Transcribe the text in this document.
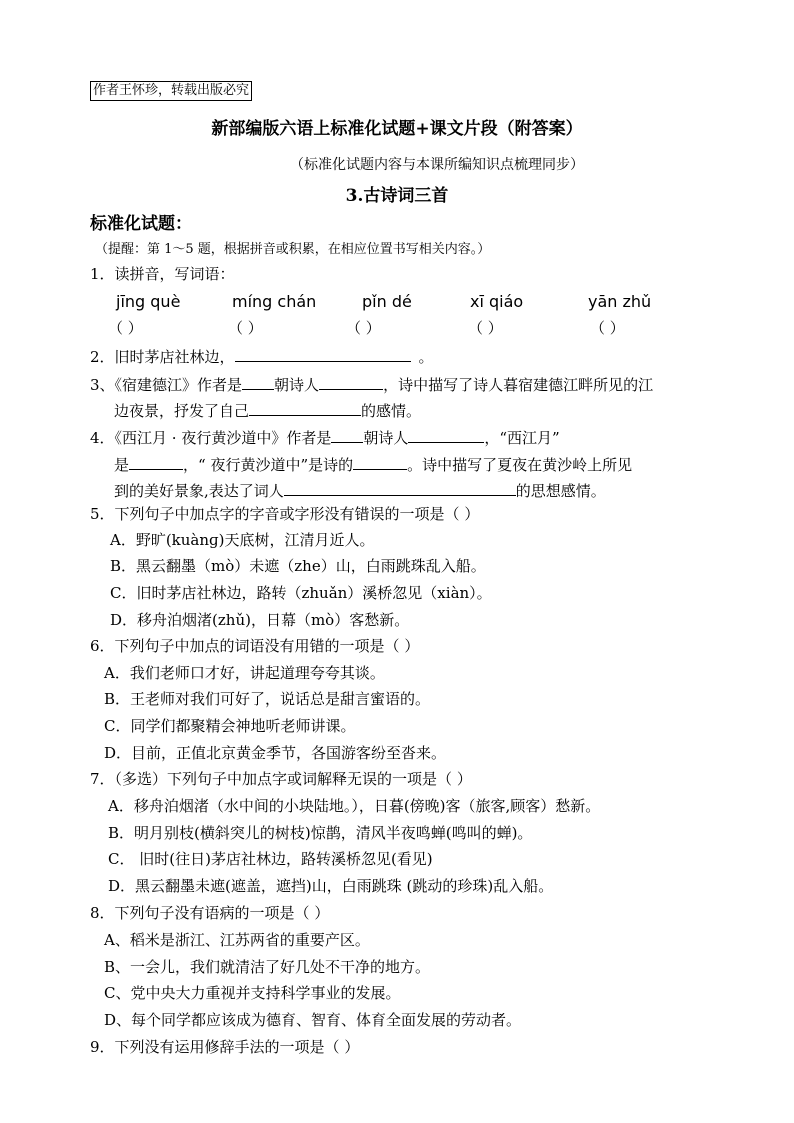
作者王怀珍，转载出版必究
新部编版六语上标准化试题+课文片段（附答案）
（标准化试题内容与本课所编知识点梳理同步）
3.古诗词三首
标准化试题：
（提醒：第 1～5 题，根据拼音或积累，在相应位置书写相关内容。）
1．读拼音，写词语：
jīng què	míng chán	pǐn dé	xī qiáo	yān zhǔ
（ ）	（ ）	（ ）	（ ）	（ ）
2．旧时茅店社林边，	。
3、《宿建德江》作者是 朝诗人	，诗中描写了诗人暮宿建德江畔所见的江
边夜景，抒发了自己	的感情。
4．《西江月 · 夜行黄沙道中》作者是 朝诗人	，“西江月”
是	，“ 夜行黄沙道中”是诗的	。诗中描写了夏夜在黄沙岭上所见
到的美好景象,表达了词人	的思想感情。
5．下列句子中加点字的字音或字形没有错误的一项是（ ）
A．野旷(kuànɡ)天底树，江清月近人。
B．黑云翻墨（mò）未遮（zhe）山，白雨跳珠乱入船。
C．旧时茅店社林边，路转（zhuǎn）溪桥忽见（xiàn）。
D．移舟泊烟渚(zhǔ)，日幕（mò）客愁新。
6．下列句子中加点的词语没有用错的一项是（ ）
A．我们老师口才好，讲起道理夸夸其谈。
B．王老师对我们可好了，说话总是甜言蜜语的。
C．同学们都聚精会神地听老师讲课。
D．目前，正值北京黄金季节，各国游客纷至沓来。
7．（多选）下列句子中加点字或词解释无误的一项是（ ）
A．移舟泊烟渚（水中间的小块陆地。），日暮(傍晚)客（旅客,顾客）愁新。
B．明月别枝(横斜突儿的树枝)惊鹊，清风半夜鸣蝉(鸣叫的蝉)。
C． 旧时(往日)茅店社林边，路转溪桥忽见(看见)
D．黑云翻墨未遮(遮盖，遮挡)山，白雨跳珠 (跳动的珍珠)乱入船。
8．下列句子没有语病的一项是（ ）
A、稻米是浙江、江苏两省的重要产区。
B、一会儿，我们就清洁了好几处不干净的地方。
C、党中央大力重视并支持科学事业的发展。
D、每个同学都应该成为德育、智育、体育全面发展的劳动者。
9．下列没有运用修辞手法的一项是（ ）
